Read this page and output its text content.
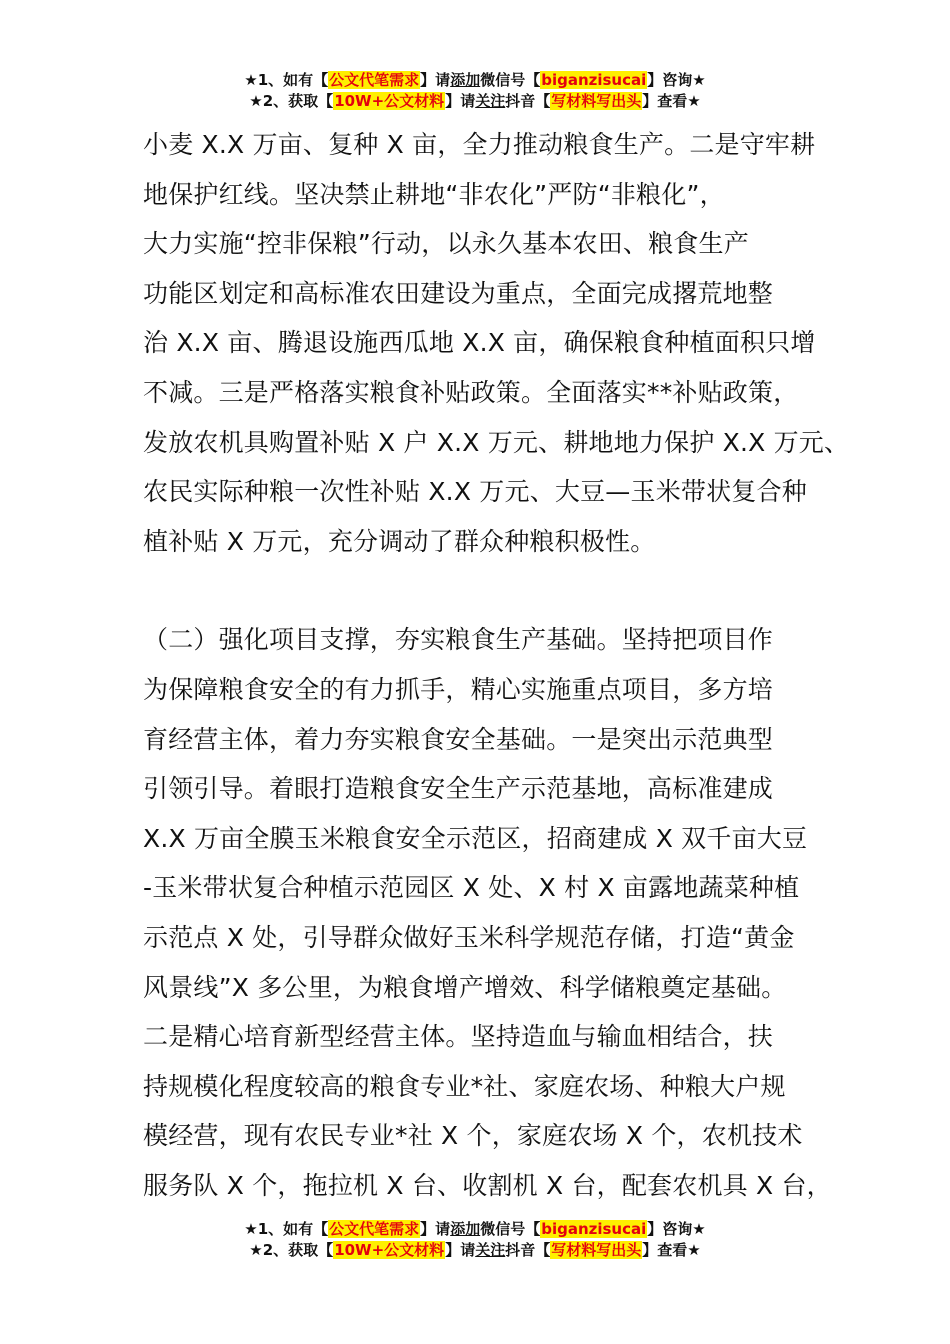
★1、如有【公文代笔需求】请添加微信号【biganzisucai】咨询★
★2、获取【10W+公文材料】请关注抖音【写材料写出头】查看★
小麦 X.X 万亩、复种 X 亩，全力推动粮食生产。二是守牢耕
地保护红线。坚决禁止耕地“非农化”严防“非粮化”，
大力实施“控非保粮”行动，以永久基本农田、粮食生产
功能区划定和高标准农田建设为重点，全面完成撂荒地整
治 X.X 亩、腾退设施西瓜地 X.X 亩，确保粮食种植面积只增
不减。三是严格落实粮食补贴政策。全面落实**补贴政策，
发放农机具购置补贴 X 户 X.X 万元、耕地地力保护 X.X 万元、
农民实际种粮一次性补贴 X.X 万元、大豆—玉米带状复合种
植补贴 X 万元，充分调动了群众种粮积极性。
（二）强化项目支撑，夯实粮食生产基础。坚持把项目作
为保障粮食安全的有力抓手，精心实施重点项目，多方培
育经营主体，着力夯实粮食安全基础。一是突出示范典型
引领引导。着眼打造粮食安全生产示范基地，高标准建成
X.X 万亩全膜玉米粮食安全示范区，招商建成 X 双千亩大豆
-玉米带状复合种植示范园区 X 处、X 村 X 亩露地蔬菜种植
示范点 X 处，引导群众做好玉米科学规范存储，打造“黄金
风景线”X 多公里，为粮食增产增效、科学储粮奠定基础。
二是精心培育新型经营主体。坚持造血与输血相结合，扶
持规模化程度较高的粮食专业*社、家庭农场、种粮大户规
模经营，现有农民专业*社 X 个，家庭农场 X 个，农机技术
服务队 X 个，拖拉机 X 台、收割机 X 台，配套农机具 X 台，
★1、如有【公文代笔需求】请添加微信号【biganzisucai】咨询★
★2、获取【10W+公文材料】请关注抖音【写材料写出头】查看★
